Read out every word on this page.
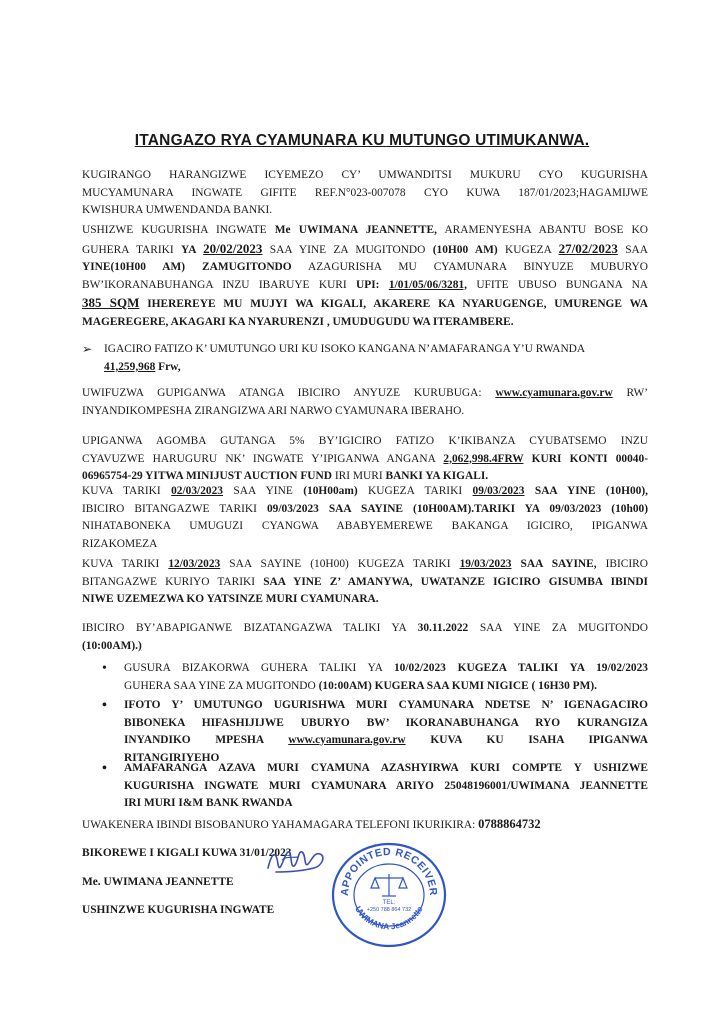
ITANGAZO RYA CYAMUNARA KU MUTUNGO UTIMUKANWA.
KUGIRANGO HARANGIZWE ICYEMEZO CY’ UMWANDITSI MUKURU CYO KUGURISHA
MUCYAMUNARA INGWATE GIFITE REF.N°023-007078 CYO KUWA 187/01/2023;HAGAMIJWE
KWISHURA UMWENDANDA BANKI.
USHIZWE KUGURISHA INGWATE Me UWIMANA JEANNETTE, ARAMENYESHA ABANTU BOSE KO
GUHERA TARIKI YA 20/02/2023 SAA YINE ZA MUGITONDO (10H00 AM) KUGEZA 27/02/2023 SAA
YINE(10H00 AM) ZAMUGITONDO AZAGURISHA MU CYAMUNARA BINYUZE MUBURYO
BW’IKORANABUHANGA INZU IBARUYE KURI UPI: 1/01/05/06/3281, UFITE UBUSO BUNGANA NA
385 SQM IHEREREYE MU MUJYI WA KIGALI, AKARERE KA NYARUGENGE, UMURENGE WA
MAGEREGERE, AKAGARI KA NYARURENZI , UMUDUGUDU WA ITERAMBERE.
➢ IGACIRO FATIZO K’ UMUTUNGO URI KU ISOKO KANGANA N’AMAFARANGA Y’U RWANDA
41,259,968 Frw,
UWIFUZWA GUPIGANWA ATANGA IBICIRO ANYUZE KURUBUGA: www.cyamunara.gov.rw RW’
INYANDIKOMPESHA ZIRANGIZWA ARI NARWO CYAMUNARA IBERAHO.
UPIGANWA AGOMBA GUTANGA 5% BY’IGICIRO FATIZO K’IKIBANZA CYUBATSEMO INZU
CYAVUZWE HARUGURU NK’ INGWATE Y’IPIGANWA ANGANA 2,062,998.4FRW KURI KONTI 00040-
06965754-29 YITWA MINIJUST AUCTION FUND IRI MURI BANKI YA KIGALI.
KUVA TARIKI 02/03/2023 SAA YINE (10H00am) KUGEZA TARIKI 09/03/2023 SAA YINE (10H00),
IBICIRO BITANGAZWE TARIKI 09/03/2023 SAA SAYINE (10H00AM).TARIKI YA 09/03/2023 (10h00)
NIHATABONEKA UMUGUZI CYANGWA ABABYEMEREWE BAKANGA IGICIRO, IPIGANWA
RIZAKOMEZA
KUVA TARIKI 12/03/2023 SAA SAYINE (10H00) KUGEZA TARIKI 19/03/2023 SAA SAYINE, IBICIRO
BITANGAZWE KURIYO TARIKI SAA YINE Z’ AMANYWA, UWATANZE IGICIRO GISUMBA IBINDI
NIWE UZEMEZWA KO YATSINZE MURI CYAMUNARA.
IBICIRO BY’ABAPIGANWE BIZATANGAZWA TALIKI YA 30.11.2022 SAA YINE ZA MUGITONDO
(10:00AM).)
• GUSURA BIZAKORWA GUHERA TALIKI YA 10/02/2023 KUGEZA TALIKI YA 19/02/2023
GUHERA SAA YINE ZA MUGITONDO (10:00AM) KUGERA SAA KUMI NIGICE ( 16H30 PM).
• IFOTO Y’ UMUTUNGO UGURISHWA MURI CYAMUNARA NDETSE N’ IGENAGACIRO
BIBONEKA HIFASHIJIJWE UBURYO BW’ IKORANABUHANGA RYO KURANGIZA
INYANDIKO MPESHA www.cyamunara.gov.rw KUVA KU ISAHA IPIGANWA
RITANGIRIYEHO
• AMAFARANGA AZAVA MURI CYAMUNA AZASHYIRWA KURI COMPTE Y USHIZWE
KUGURISHA INGWATE MURI CYAMUNARA ARIYO 25048196001/UWIMANA JEANNETTE
IRI MURI I&M BANK RWANDA
UWAKENERA IBINDI BISOBANURO YAHAMAGARA TELEFONI IKURIKIRA: 0788864732
BIKOREWE I KIGALI KUWA 31/01/2023
Me. UWIMANA JEANNETTE
USHINZWE KUGURISHA INGWATE
APPOINTED RECEIVER
UWIMANA Jeannette
TEL:
+250 788 864 732
